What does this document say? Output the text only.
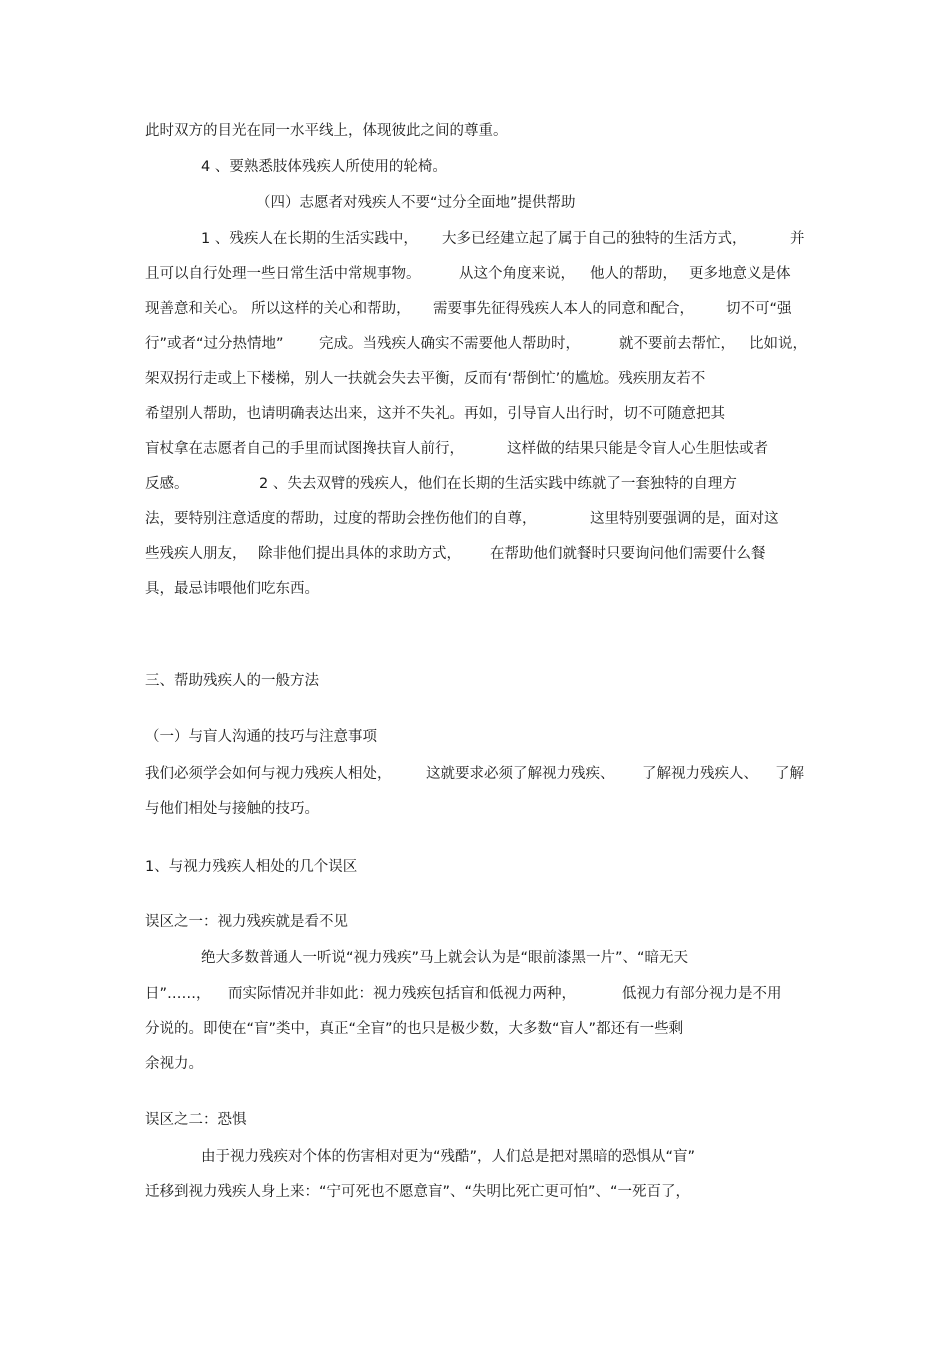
此时双方的目光在同一水平线上，体现彼此之间的尊重。
4 、要熟悉肢体残疾人所使用的轮椅。
（四）志愿者对残疾人不要“过分全面地”提供帮助
1 、残疾人在长期的生活实践中， 大多已经建立起了属于自己的独特的生活方式，	并
且可以自行处理一些日常生活中常规事物。	从这个角度来说， 他人的帮助， 更多地意义是体
现善意和关心。 所以这样的关心和帮助， 需要事先征得残疾人本人的同意和配合， 切不可“强
行”或者“过分热情地” 完成。当残疾人确实不需要他人帮助时，	就不要前去帮忙， 比如说，
架双拐行走或上下楼梯，别人一扶就会失去平衡，反而有‘帮倒忙’的尴尬。残疾朋友若不
希望别人帮助，也请明确表达出来，这并不失礼。再如，引导盲人出行时，切不可随意把其
盲杖拿在志愿者自己的手里而试图搀扶盲人前行，	这样做的结果只能是令盲人心生胆怯或者
反感。	2 、失去双臂的残疾人，他们在长期的生活实践中练就了一套独特的自理方
法，要特别注意适度的帮助，过度的帮助会挫伤他们的自尊，	这里特别要强调的是，面对这
些残疾人朋友， 除非他们提出具体的求助方式， 在帮助他们就餐时只要询问他们需要什么餐
具，最忌讳喂他们吃东西。
三、帮助残疾人的一般方法
（一）与盲人沟通的技巧与注意事项
我们必须学会如何与视力残疾人相处， 这就要求必须了解视力残疾、 了解视力残疾人、 了解
与他们相处与接触的技巧。
1、与视力残疾人相处的几个误区
误区之一：视力残疾就是看不见
绝大多数普通人一听说“视力残疾”马上就会认为是“眼前漆黑一片”、“暗无天
日”……， 而实际情况并非如此：视力残疾包括盲和低视力两种，	低视力有部分视力是不用
分说的。即使在“盲”类中，真正“全盲”的也只是极少数，大多数“盲人”都还有一些剩
余视力。
误区之二：恐惧
由于视力残疾对个体的伤害相对更为“残酷”，人们总是把对黑暗的恐惧从“盲”
迁移到视力残疾人身上来：“宁可死也不愿意盲”、“失明比死亡更可怕”、“一死百了，
